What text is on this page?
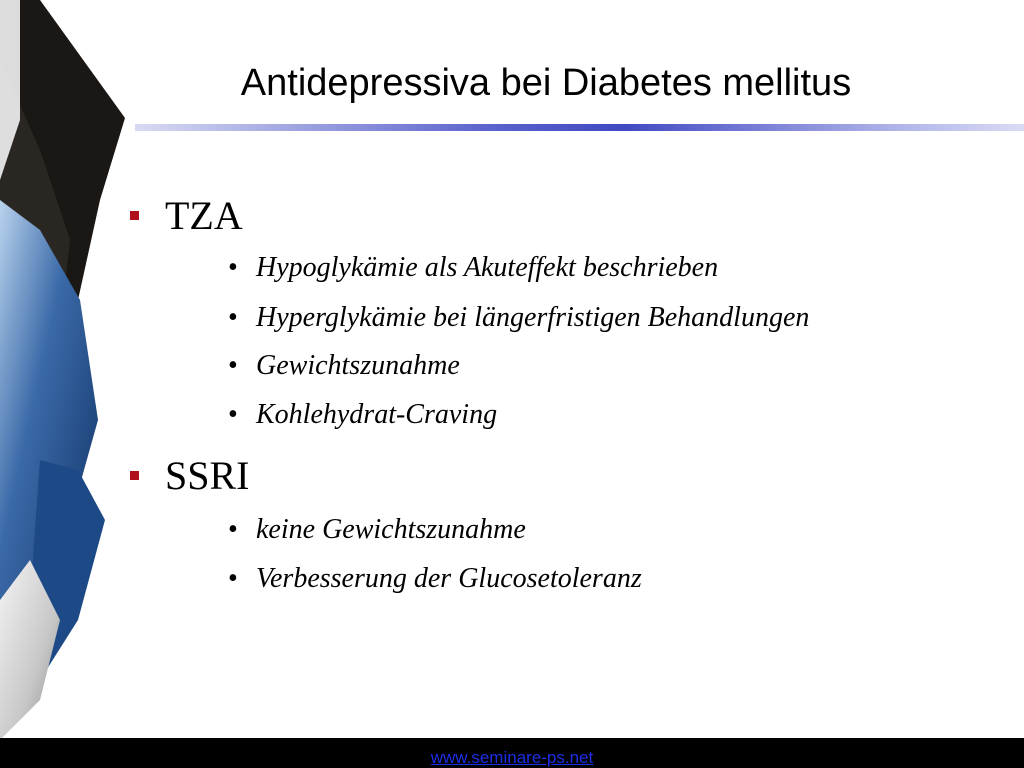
Antidepressiva bei Diabetes mellitus
TZA
• Hypoglykämie als Akuteffekt beschrieben
• Hyperglykämie bei längerfristigen Behandlungen
• Gewichtszunahme
• Kohlehydrat-Craving
SSRI
• keine Gewichtszunahme
• Verbesserung der Glucosetoleranz
www.seminare-ps.net
